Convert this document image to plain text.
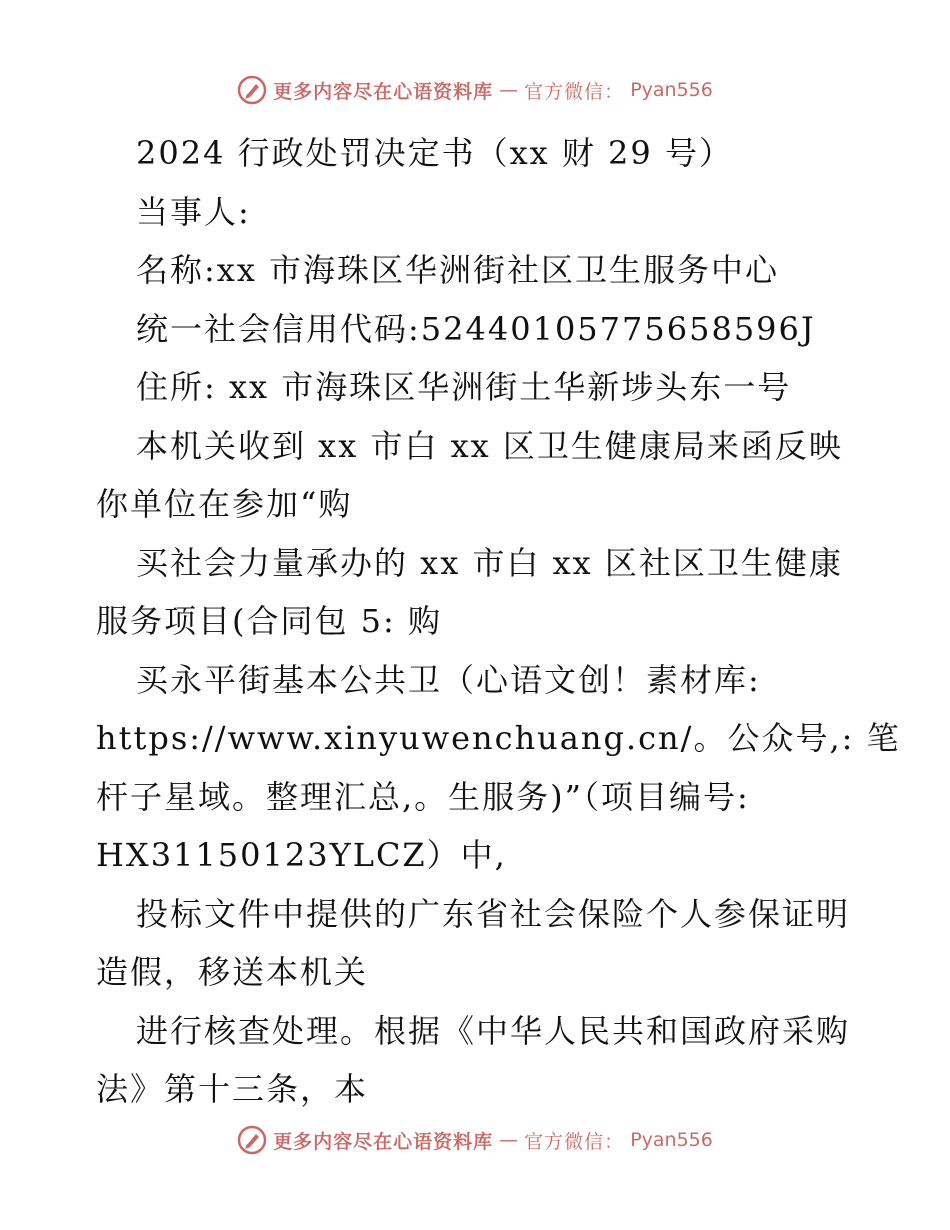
更多内容尽在心语资料库 — 官方微信： Pyan556
2024 行政处罚决定书（xx 财 29 号）
当事人:
名称:xx 市海珠区华洲街社区卫生服务中心
统一社会信用代码:52440105775658596J
住所: xx 市海珠区华洲街土华新埗头东一号
本机关收到 xx 市白 xx 区卫生健康局来函反映
你单位在参加“购
买社会力量承办的 xx 市白 xx 区社区卫生健康
服务项目(合同包 5: 购
买永平街基本公共卫（心语文创！素材库:
https://www.xinyuwenchuang.cn/。公众号,: 笔
杆子星域。整理汇总,。生服务)”（项目编号:
HX31150123YLCZ）中,
投标文件中提供的广东省社会保险个人参保证明
造假，移送本机关
进行核查处理。根据《中华人民共和国政府采购
法》第十三条，本
更多内容尽在心语资料库 — 官方微信： Pyan556
